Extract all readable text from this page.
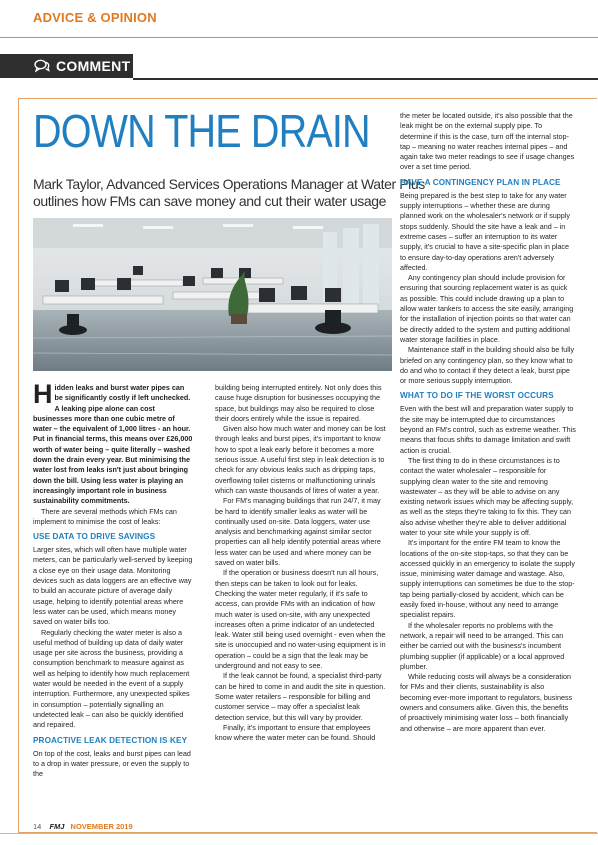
ADVICE & OPINION
COMMENT
DOWN THE DRAIN
Mark Taylor, Advanced Services Operations Manager at Water Plus outlines how FMs can save money and cut their water usage

Hidden leaks and burst water pipes can be significantly costly if left unchecked. A leaking pipe alone can cost businesses more than one cubic metre of water – the equivalent of 1,000 litres - an hour. Put in financial terms, this means over £26,000 worth of water being – quite literally – washed down the drain every year. But minimising the water lost from leaks isn't just about bringing down the bill. Using less water is playing an increasingly important role in business sustainability commitments.

There are several methods which FMs can implement to minimise the cost of leaks:

USE DATA TO DRIVE SAVINGS

Larger sites, which will often have multiple water meters, can be particularly well-served by keeping a close eye on their usage data. Monitoring devices such as data loggers are an effective way to build an accurate picture of average daily usage, helping to identify potential areas where less water can be used, which means money saved on water bills too.

Regularly checking the water meter is also a useful method of building up data of daily water usage per site across the business, providing a consumption benchmark to measure against as well as helping to identify how much replacement water would be needed in the event of a supply interruption. Furthermore, any unexpected spikes in consumption – potentially signalling an undetected leak – can also be quickly identified and repaired.

PROACTIVE LEAK DETECTION IS KEY

On top of the cost, leaks and burst pipes can lead to a drop in water pressure, or even the supply to the

building being interrupted entirely. Not only does this cause huge disruption for businesses occupying the space, but buildings may also be required to close their doors entirely while the issue is repaired.

Given also how much water and money can be lost through leaks and burst pipes, it's important to know how to spot a leak early before it becomes a more serious issue. A useful first step in leak detection is to check for any obvious leaks such as dripping taps, overflowing toilet cisterns or malfunctioning urinals which can waste thousands of litres of water a year.

For FM's managing buildings that run 24/7, it may be hard to identify smaller leaks as water will be continually used on-site. Data loggers, water use analysis and benchmarking against similar sector properties can all help identify potential areas where less water can be used and where money can be saved on water bills.

If the operation or business doesn't run all hours, then steps can be taken to look out for leaks. Checking the water meter regularly, if it's safe to access, can provide FMs with an indication of how much water is used on-site, with any unexpected increases often a prime indicator of an undetected leak. Water still being used overnight - even when the site is unoccupied and no water-using equipment is in operation – could be a sign that the leak may be underground and not easy to see.

If the leak cannot be found, a specialist third-party can be hired to come in and audit the site in question. Some water retailers – responsible for billing and customer service – may offer a specialist leak detection service, but this will vary by provider.

Finally, it's important to ensure that employees know where the water meter can be found. Should

the meter be located outside, it's also possible that the leak might be on the external supply pipe. To determine if this is the case, turn off the internal stop-tap – meaning no water reaches internal pipes – and again take two meter readings to see if usage changes over a set time period.

HAVE A CONTINGENCY PLAN IN PLACE

Being prepared is the best step to take for any water supply interruptions – whether these are during planned work on the wholesaler's network or if supply stops suddenly. Should the site have a leak and – in extreme cases – suffer an interruption to its water supply, it's crucial to have a site-specific plan in place to ensure day-to-day operations aren't adversely affected.

Any contingency plan should include provision for ensuring that sourcing replacement water is as quick as possible. This could include drawing up a plan to allow water tankers to access the site easily, arranging for the installation of injection points so that water can be directly added to the system and putting additional water storage facilities in place.

Maintenance staff in the building should also be fully briefed on any contingency plan, so they know what to do and who to contact if they detect a leak, burst pipe or more serious supply interruption.

WHAT TO DO IF THE WORST OCCURS

Even with the best will and preparation water supply to the site may be interrupted due to circumstances beyond an FM's control, such as extreme weather. This means that focus shifts to damage limitation and swift action is crucial.

The first thing to do in these circumstances is to contact the water wholesaler – responsible for supplying clean water to the site and removing wastewater – as they will be able to advise on any existing network issues which may be affecting supply, as well as the steps they're taking to fix this. They can also advise whether they're able to deliver additional water to your site while your supply is off.

It's important for the entire FM team to know the locations of the on-site stop-taps, so that they can be accessed quickly in an emergency to isolate the supply issue, minimising water damage and wastage. Also, supply interruptions can sometimes be due to the stop-tap being partially-closed by accident, which can be easily fixed in-house, without any need to arrange specialist repairs.

If the wholesaler reports no problems with the network, a repair will need to be arranged. This can either be carried out with the business's incumbent plumbing supplier (if applicable) or a local approved plumber.

While reducing costs will always be a consideration for FMs and their clients, sustainability is also becoming ever-more important to regulators, business owners and consumers alike. Given this, the benefits of proactively minimising water loss – both financially and otherwise – are more apparent than ever.

14 FMJ NOVEMBER 2019
